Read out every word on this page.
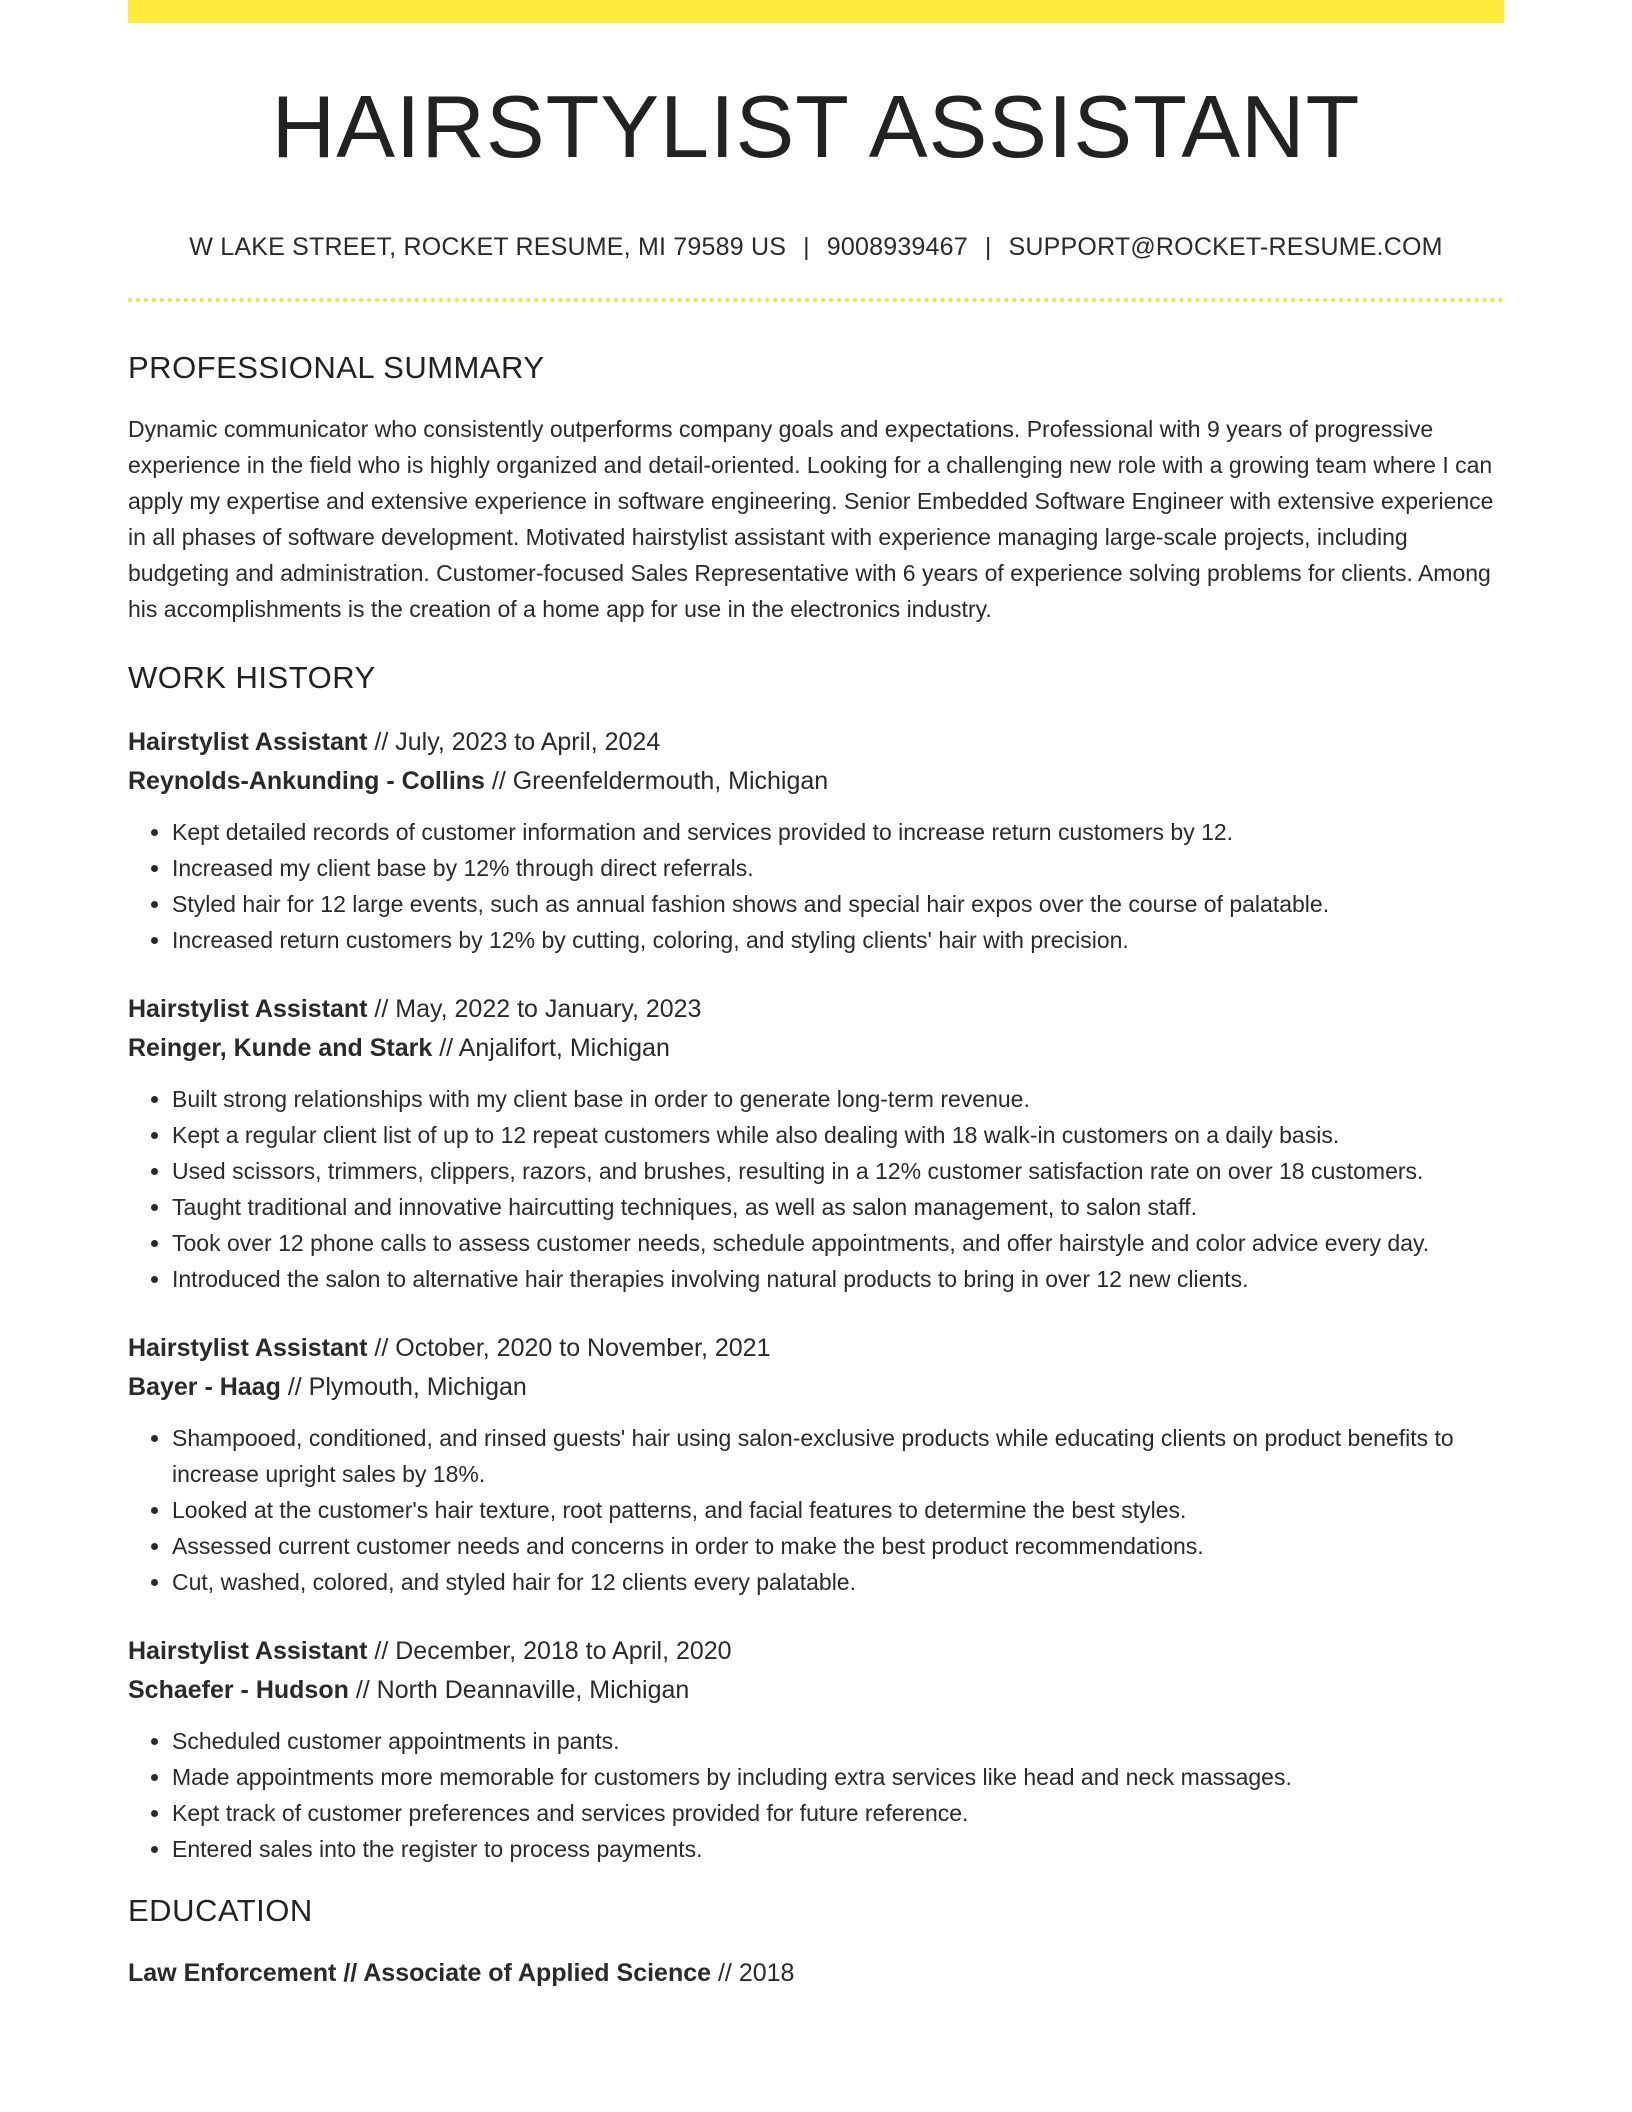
HAIRSTYLIST ASSISTANT
W LAKE STREET, ROCKET RESUME, MI 79589 US | 9008939467 | SUPPORT@ROCKET-RESUME.COM
PROFESSIONAL SUMMARY

Dynamic communicator who consistently outperforms company goals and expectations. Professional with 9 years of progressive experience in the field who is highly organized and detail-oriented. Looking for a challenging new role with a growing team where I can apply my expertise and extensive experience in software engineering. Senior Embedded Software Engineer with extensive experience in all phases of software development. Motivated hairstylist assistant with experience managing large-scale projects, including budgeting and administration. Customer-focused Sales Representative with 6 years of experience solving problems for clients. Among his accomplishments is the creation of a home app for use in the electronics industry.

WORK HISTORY
Hairstylist Assistant // July, 2023 to April, 2024
Reynolds-Ankunding - Collins // Greenfeldermouth, Michigan
• Kept detailed records of customer information and services provided to increase return customers by 12.
• Increased my client base by 12% through direct referrals.
• Styled hair for 12 large events, such as annual fashion shows and special hair expos over the course of palatable.
• Increased return customers by 12% by cutting, coloring, and styling clients' hair with precision.
Hairstylist Assistant // May, 2022 to January, 2023
Reinger, Kunde and Stark // Anjalifort, Michigan
• Built strong relationships with my client base in order to generate long-term revenue.
• Kept a regular client list of up to 12 repeat customers while also dealing with 18 walk-in customers on a daily basis.
• Used scissors, trimmers, clippers, razors, and brushes, resulting in a 12% customer satisfaction rate on over 18 customers.
• Taught traditional and innovative haircutting techniques, as well as salon management, to salon staff.
• Took over 12 phone calls to assess customer needs, schedule appointments, and offer hairstyle and color advice every day.
• Introduced the salon to alternative hair therapies involving natural products to bring in over 12 new clients.
Hairstylist Assistant // October, 2020 to November, 2021
Bayer - Haag // Plymouth, Michigan
• Shampooed, conditioned, and rinsed guests' hair using salon-exclusive products while educating clients on product benefits to increase upright sales by 18%.
• Looked at the customer's hair texture, root patterns, and facial features to determine the best styles.
• Assessed current customer needs and concerns in order to make the best product recommendations.
• Cut, washed, colored, and styled hair for 12 clients every palatable.
Hairstylist Assistant // December, 2018 to April, 2020
Schaefer - Hudson // North Deannaville, Michigan
• Scheduled customer appointments in pants.
• Made appointments more memorable for customers by including extra services like head and neck massages.
• Kept track of customer preferences and services provided for future reference.
• Entered sales into the register to process payments.
EDUCATION
Law Enforcement // Associate of Applied Science // 2018
